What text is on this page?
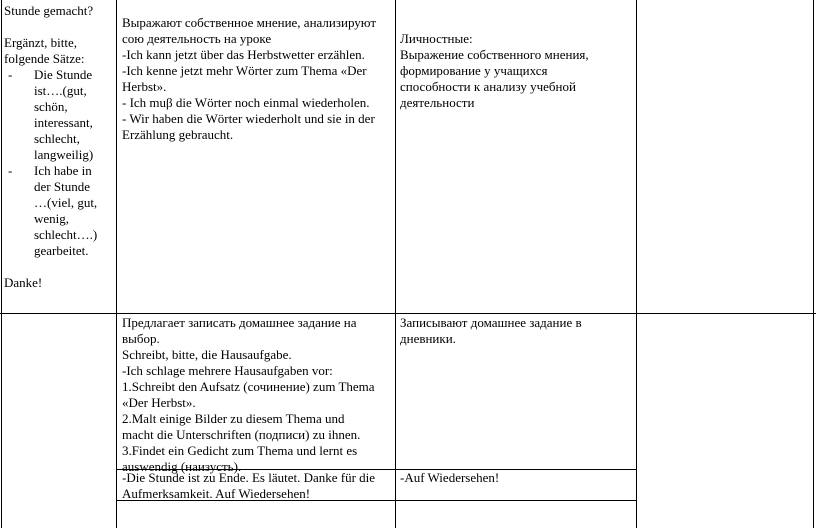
Stunde gemacht?

Ergänzt, bitte,

folgende Sätze:

- Die Stunde

ist….(gut,

schön,

interessant,

schlecht,

langweilig)

- Ich habe in

der Stunde

…(viel, gut,

wenig,

schlecht….)

gearbeitet.

Danke!

Выражают собственное мнение, анализируют

сою деятельность на уроке

-Ich kann jetzt über das Herbstwetter erzählen.

-Ich kenne jetzt mehr Wörter zum Thema «Der

Herbst».

- Ich muβ die Wörter noch einmal wiederholen.

- Wir haben die Wörter wiederholt und sie in der

Erzählung gebraucht.

Личностные:

Выражение собственного мнения,

формирование у учащихся

способности к анализу учебной

деятельности

Предлагает записать домашнее задание на

выбор.

Schreibt, bitte, die Hausaufgabe.

-Ich schlage mehrere Hausaufgaben vor:

1.Schreibt den Aufsatz (сочинение) zum Thema

«Der Herbst».

2.Malt einige Bilder zu diesem Thema und

macht die Unterschriften (подписи) zu ihnen.

3.Findet ein Gedicht zum Thema und lernt es

auswendig (наизусть).

Записывают домашнее задание в

дневники.

-Die Stunde ist zu Ende. Es läutet. Danke für die

Aufmerksamkeit. Auf Wiedersehen!

-Auf Wiedersehen!
